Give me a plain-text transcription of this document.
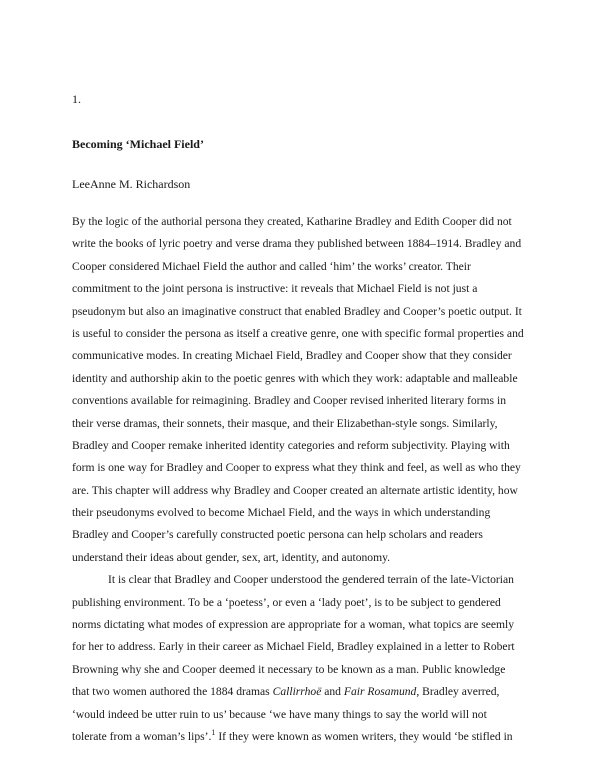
1.
Becoming ‘Michael Field’
LeeAnne M. Richardson
By the logic of the authorial persona they created, Katharine Bradley and Edith Cooper did not
write the books of lyric poetry and verse drama they published between 1884–1914. Bradley and
Cooper considered Michael Field the author and called ‘him’ the works’ creator. Their
commitment to the joint persona is instructive: it reveals that Michael Field is not just a
pseudonym but also an imaginative construct that enabled Bradley and Cooper’s poetic output. It
is useful to consider the persona as itself a creative genre, one with specific formal properties and
communicative modes. In creating Michael Field, Bradley and Cooper show that they consider
identity and authorship akin to the poetic genres with which they work: adaptable and malleable
conventions available for reimagining. Bradley and Cooper revised inherited literary forms in
their verse dramas, their sonnets, their masque, and their Elizabethan-style songs. Similarly,
Bradley and Cooper remake inherited identity categories and reform subjectivity. Playing with
form is one way for Bradley and Cooper to express what they think and feel, as well as who they
are. This chapter will address why Bradley and Cooper created an alternate artistic identity, how
their pseudonyms evolved to become Michael Field, and the ways in which understanding
Bradley and Cooper’s carefully constructed poetic persona can help scholars and readers
understand their ideas about gender, sex, art, identity, and autonomy.
It is clear that Bradley and Cooper understood the gendered terrain of the late-Victorian
publishing environment. To be a ‘poetess’, or even a ‘lady poet’, is to be subject to gendered
norms dictating what modes of expression are appropriate for a woman, what topics are seemly
for her to address. Early in their career as Michael Field, Bradley explained in a letter to Robert
Browning why she and Cooper deemed it necessary to be known as a man. Public knowledge
that two women authored the 1884 dramas Callirrhoë and Fair Rosamund, Bradley averred,
‘would indeed be utter ruin to us’ because ‘we have many things to say the world will not
tolerate from a woman’s lips’.$^1$ If they were known as women writers, they would ‘be stifled in
